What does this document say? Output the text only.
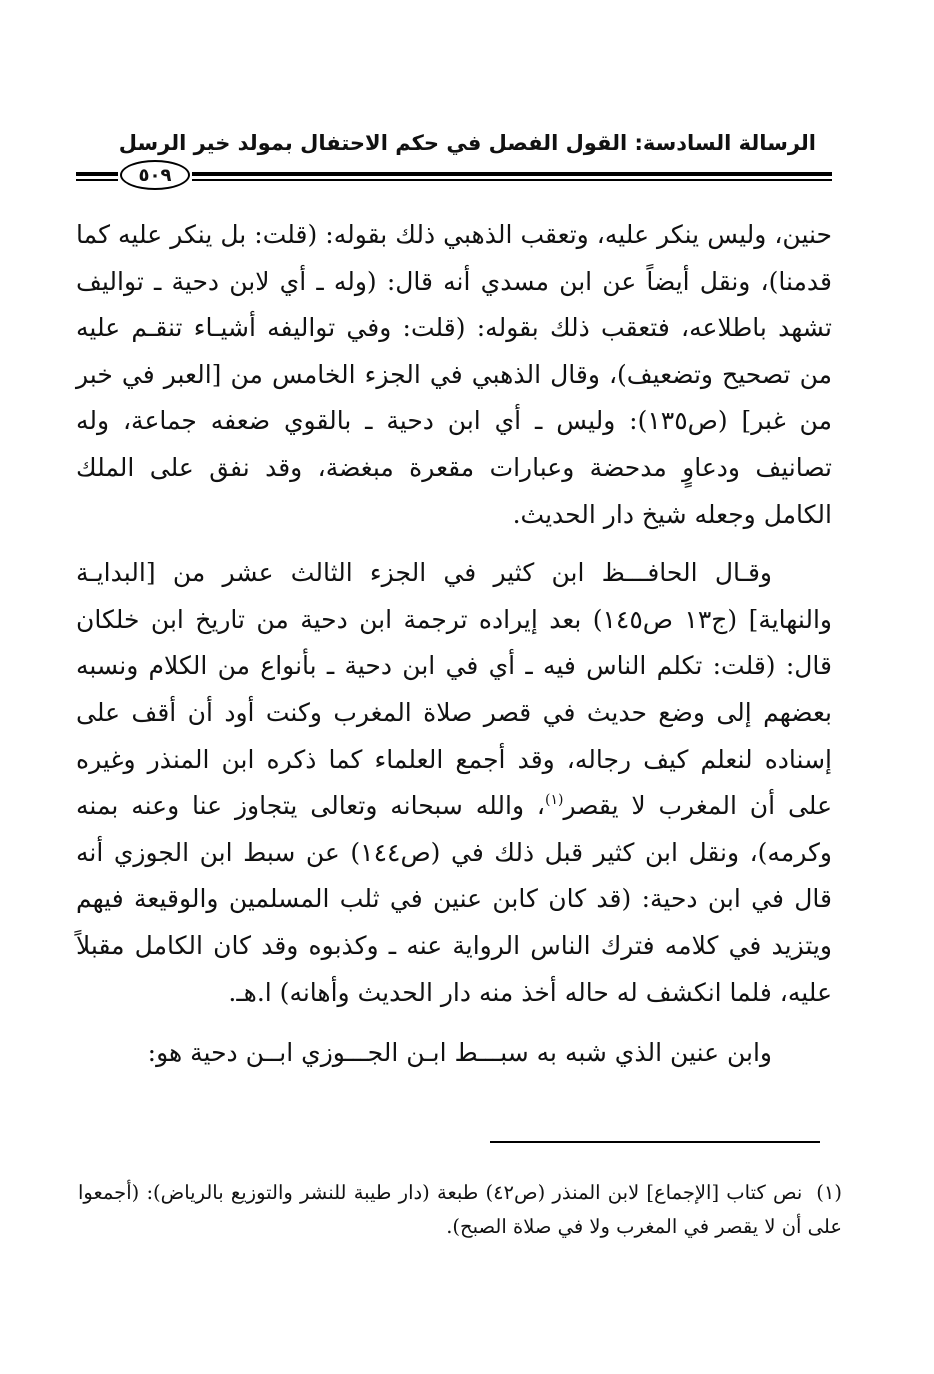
الرسالة السادسة: القول الفصل في حكم الاحتفال بمولد خير الرسل
٥٠٩

حنين، وليس ينكر عليه، وتعقب الذهبي ذلك بقوله: (قلت: بل ينكر عليه كما قدمنا)، ونقل أيضاً عن ابن مسدي أنه قال: (وله ـ أي لابن دحية ـ تواليف تشهد باطلاعه، فتعقب ذلك بقوله: (قلت: وفي تواليفه أشيـاء تنقـم عليه من تصحيح وتضعيف)، وقال الذهبي في الجزء الخامس من [العبر في خبر من غبر] (ص١٣٥): وليس ـ أي ابن دحية ـ بالقوي ضعفه جماعة، وله تصانيف ودعاوٍ مدحضة وعبارات مقعرة مبغضة، وقد نفق على الملك الكامل وجعله شيخ دار الحديث.

وقـال الحافـــظ ابن كثير في الجزء الثالث عشر من [البدايـة والنهاية] (ج١٣ ص١٤٥) بعد إيراده ترجمة ابن دحية من تاريخ ابن خلكان قال: (قلت: تكلم الناس فيه ـ أي في ابن دحية ـ بأنواع من الكلام ونسبه بعضهم إلى وضع حديث في قصر صلاة المغرب وكنت أود أن أقف على إسناده لنعلم كيف رجاله، وقد أجمع العلماء كما ذكره ابن المنذر وغيره على أن المغرب لا يقصر$^{(١)}$، والله سبحانه وتعالى يتجاوز عنا وعنه بمنه وكرمه)، ونقل ابن كثير قبل ذلك في (ص١٤٤) عن سبط ابن الجوزي أنه قال في ابن دحية: (قد كان كابن عنين في ثلب المسلمين والوقيعة فيهم ويتزيد في كلامه فترك الناس الرواية عنه ـ وكذبوه وقد كان الكامل مقبلاً عليه، فلما انكشف له حاله أخذ منه دار الحديث وأهانه) ا.هـ.

وابن عنين الذي شبه به سبـــط ابـن الجـــوزي ابــن دحية هو:

(١)نص كتاب [الإجماع] لابن المنذر (ص٤٢) طبعة (دار طيبة للنشر والتوزيع بالرياض): (أجمعوا على أن لا يقصر في المغرب ولا في صلاة الصبح).
